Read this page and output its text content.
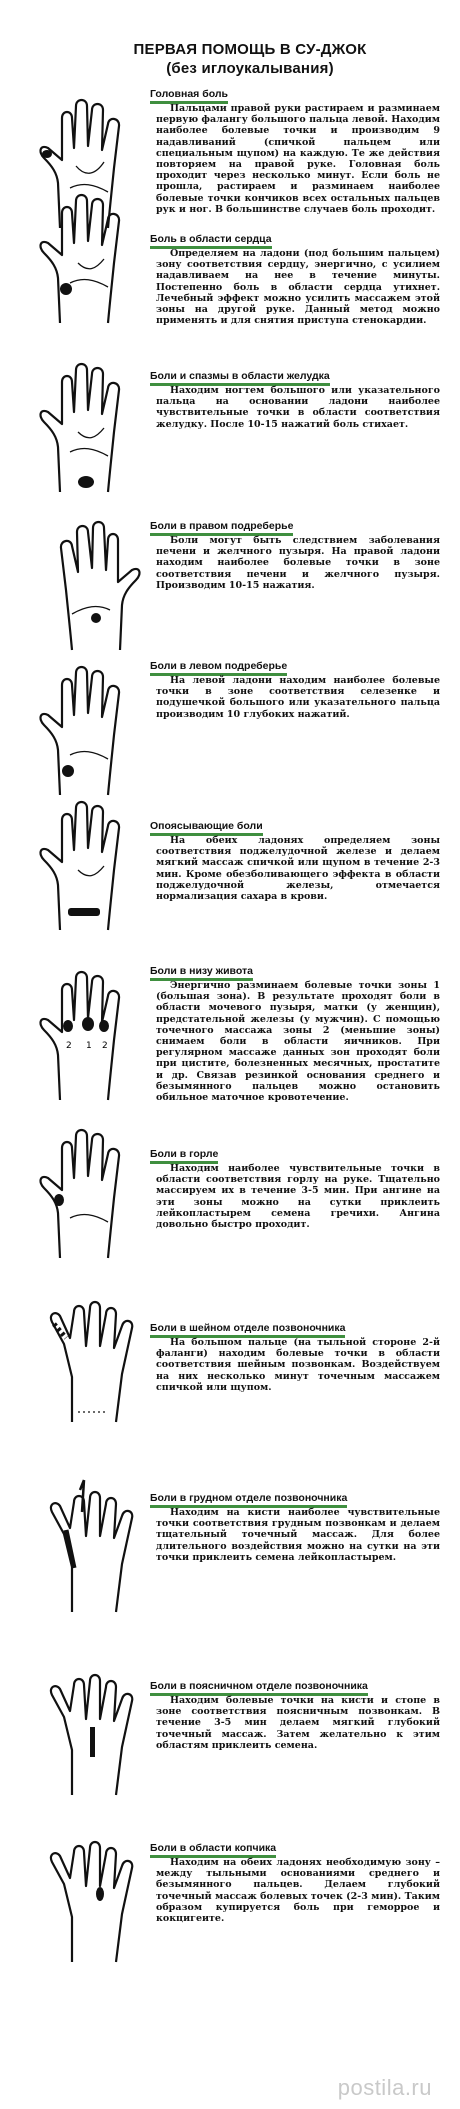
ПЕРВАЯ ПОМОЩЬ В СУ-ДЖОК
(без иглоукалывания)
Головная боль
Пальцами правой руки растираем и разминаем первую фалангу большого пальца левой. Находим наиболее болевые точки и производим 9 надавливаний (спичкой пальцем или специальным щупом) на каждую. Те же действия повторяем на правой руке. Головная боль проходит через несколько минут. Если боль не прошла, растираем и разминаем наиболее болевые точки кончиков всех остальных пальцев рук и ног. В большинстве случаев боль проходит.
Боль в области сердца
Определяем на ладони (под большим пальцем) зону соответствия сердцу, энергично, с усилием надавливаем на нее в течение минуты. Постепенно боль в области сердца утихнет. Лечебный эффект можно усилить массажем этой зоны на другой руке. Данный метод можно применять и для снятия приступа стенокардии.
Боли и спазмы в области желудка
Находим ногтем большого или указательного пальца на основании ладони наиболее чувствительные точки в области соответствия желудку. После 10-15 нажатий боль стихает.
Боли в правом подреберье
Боли могут быть следствием заболевания печени и желчного пузыря. На правой ладони находим наиболее болевые точки в зоне соответствия печени и желчного пузыря. Производим 10-15 нажатия.
Боли в левом подреберье
На левой ладони находим наиболее болевые точки в зоне соответствия селезенке и подушечкой большого или указательного пальца производим 10 глубоких нажатий.
Опоясывающие боли
На обеих ладонях определяем зоны соответствия поджелудочной железе и делаем мягкий массаж спичкой или щупом в течение 2-3 мин. Кроме обезболивающего эффекта в области поджелудочной железы, отмечается нормализация сахара в крови.
2 1 2
Боли в низу живота
Энергично разминаем болевые точки зоны 1 (большая зона). В результате проходят боли в области мочевого пузыря, матки (у женщин), предстательной железы (у мужчин). С помощью точечного массажа зоны 2 (меньшие зоны) снимаем боли в области яичников. При регулярном массаже данных зон проходят боли при цистите, болезненных месячных, простатите и др. Связав резинкой основания среднего и безымянного пальцев можно остановить обильное маточное кровотечение.
Боли в горле
Находим наиболее чувствительные точки в области соответствия горлу на руке. Тщательно массируем их в течение 3-5 мин. При ангине на эти зоны можно на сутки приклеить лейкопластырем семена гречихи. Ангина довольно быстро проходит.
Боли в шейном отделе позвоночника
На большом пальце (на тыльной стороне 2-й фаланги) находим болевые точки в области соответствия шейным позвонкам. Воздействуем на них несколько минут точечным массажем спичкой или щупом.
Боли в грудном отделе позвоночника
Находим на кисти наиболее чувствительные точки соответствия грудным позвонкам и делаем тщательный точечный массаж. Для более длительного воздействия можно на сутки на эти точки приклеить семена лейкопластырем.
Боли в поясничном отделе позвоночника
Находим болевые точки на кисти и стопе в зоне соответствия поясничным позвонкам. В течение 3-5 мин делаем мягкий глубокий точечный массаж. Затем желательно к этим областям приклеить семена.
Боли в области копчика
Находим на обеих ладонях необходимую зону – между тыльными основаниями среднего и безымянного пальцев. Делаем глубокий точечный массаж болевых точек (2-3 мин). Таким образом купируется боль при геморрое и кокцигеите.
postila.ru
